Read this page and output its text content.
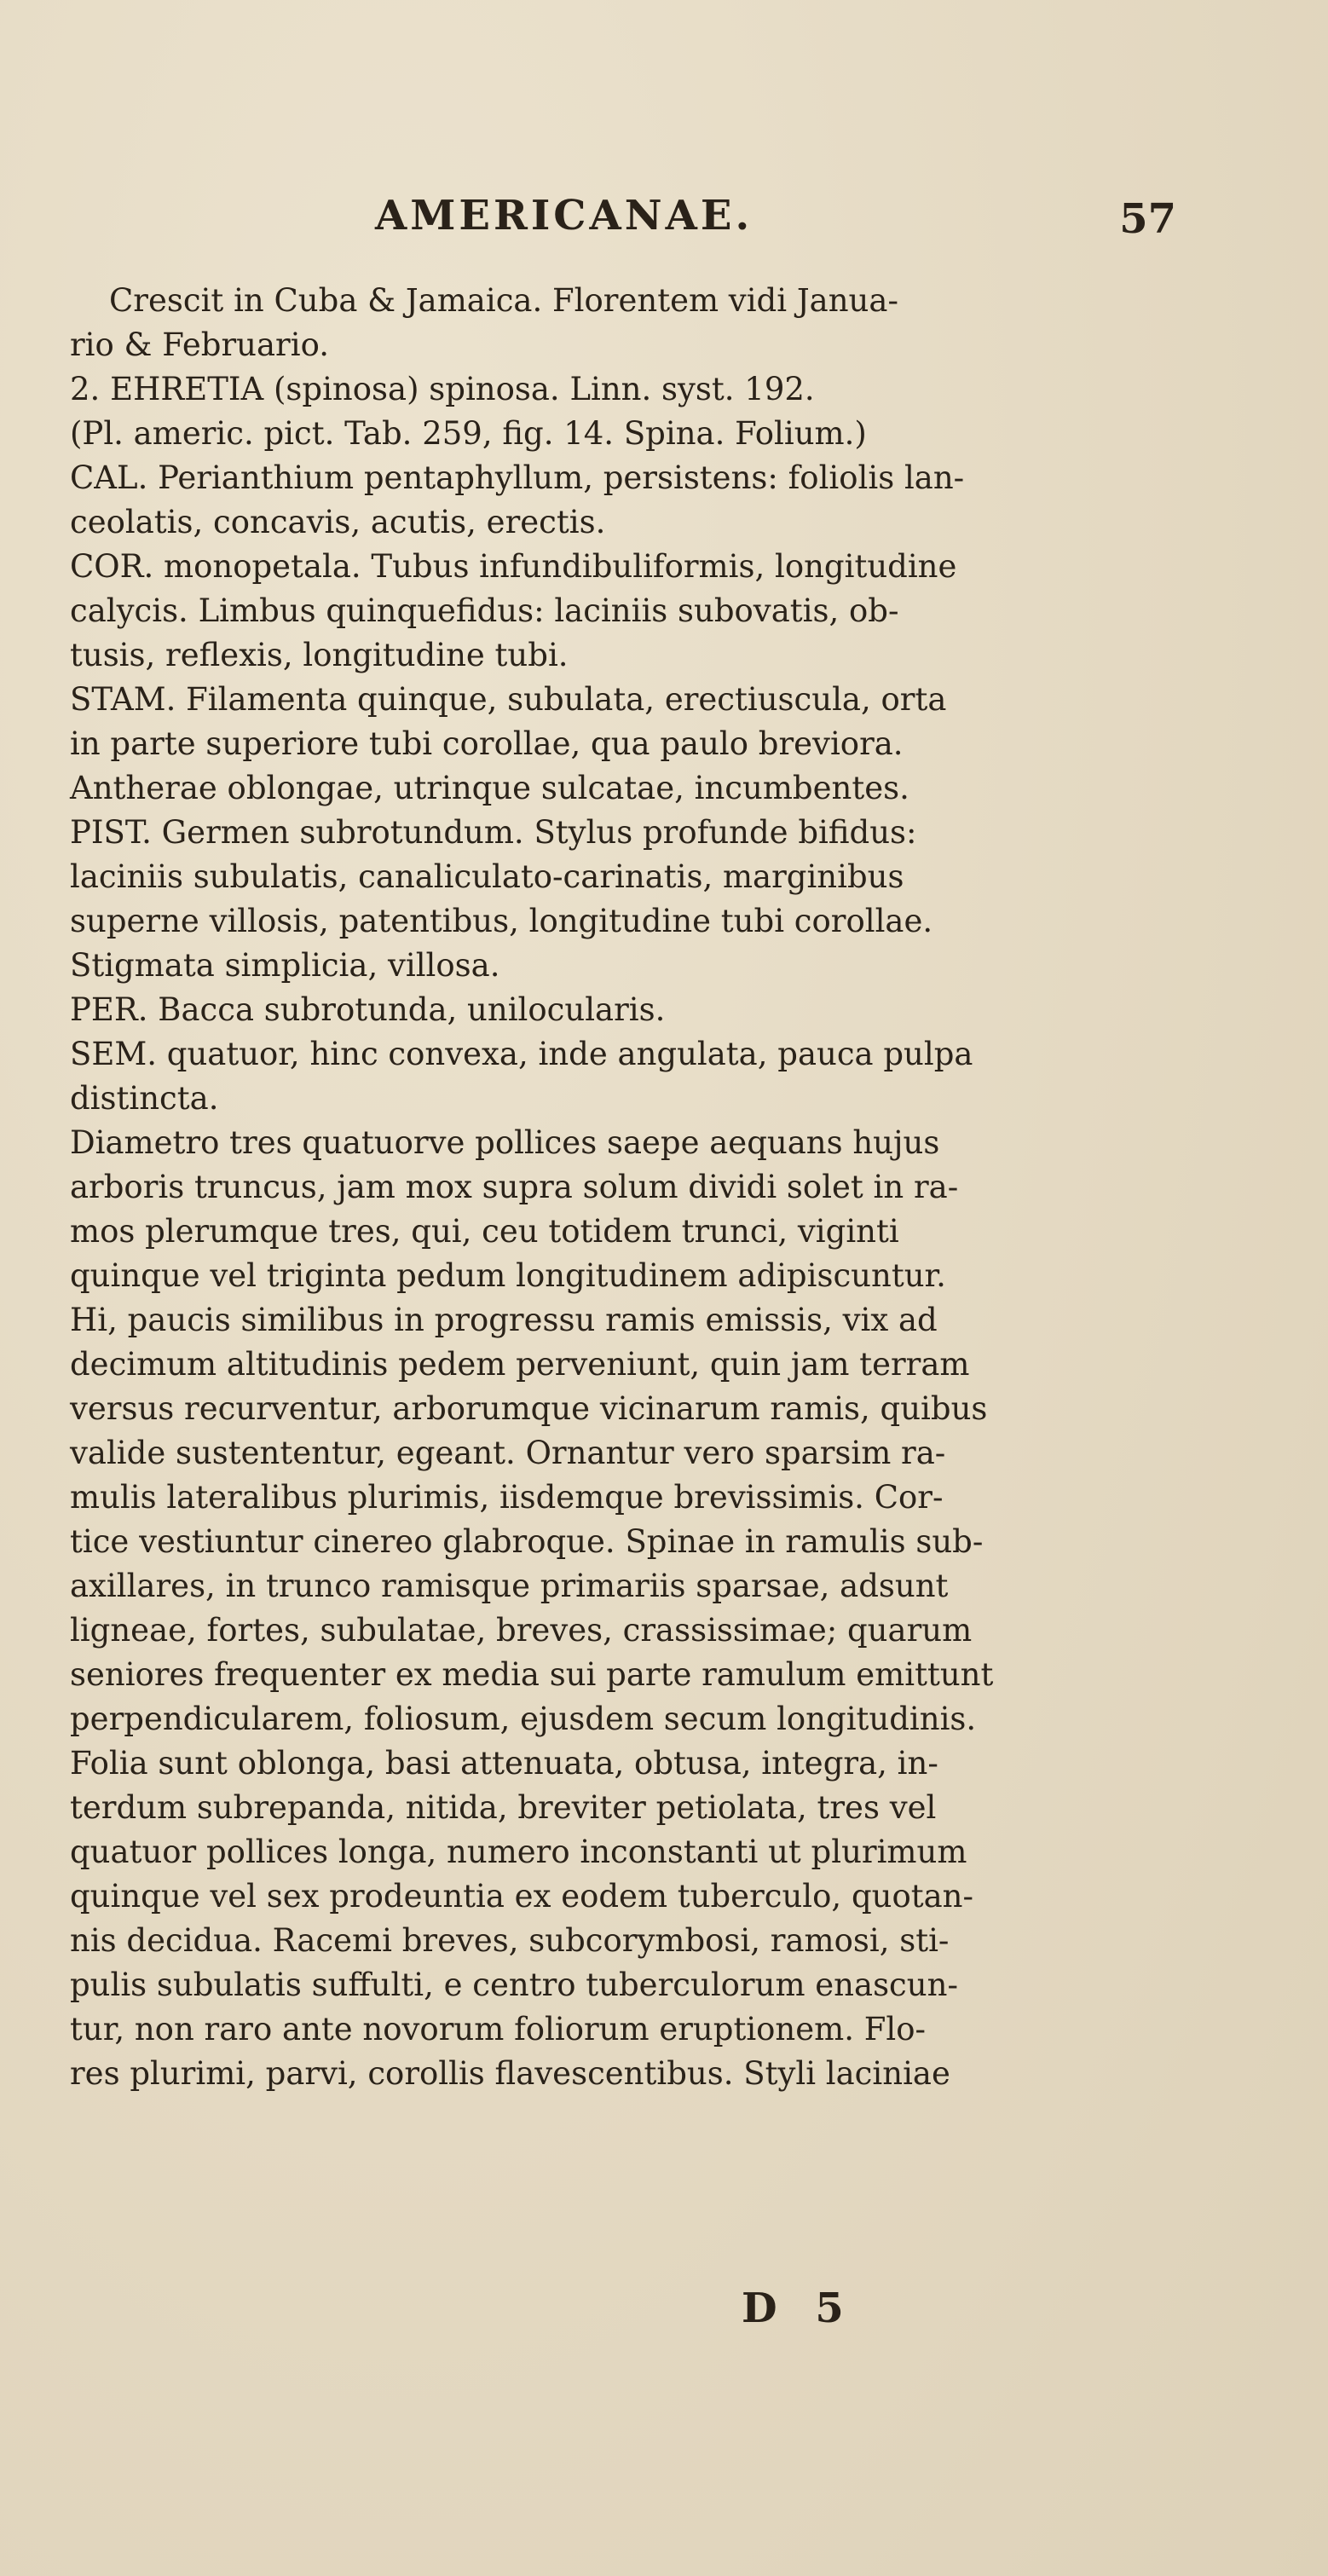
AMERICANAE.	57
Crescit in Cuba & Jamaica. Florentem vidi Janua-
rio & Februario.
2. EHRETIA (spinosa) spinosa. Linn. syst. 192.
(Pl. americ. pict. Tab. 259, fig. 14. Spina. Folium.)
CAL. Perianthium pentaphyllum, persistens: foliolis lan-
ceolatis, concavis, acutis, erectis.
COR. monopetala. Tubus infundibuliformis, longitudine
calycis. Limbus quinquefidus: laciniis subovatis, ob-
tusis, reflexis, longitudine tubi.
STAM. Filamenta quinque, subulata, erectiuscula, orta
in parte superiore tubi corollae, qua paulo breviora.
Antherae oblongae, utrinque sulcatae, incumbentes.
PIST. Germen subrotundum. Stylus profunde bifidus:
laciniis subulatis, canaliculato-carinatis, marginibus
superne villosis, patentibus, longitudine tubi corollae.
Stigmata simplicia, villosa.
PER. Bacca subrotunda, unilocularis.
SEM. quatuor, hinc convexa, inde angulata, pauca pulpa
distincta.
Diametro tres quatuorve pollices saepe aequans hujus
arboris truncus, jam mox supra solum dividi solet in ra-
mos plerumque tres, qui, ceu totidem trunci, viginti
quinque vel triginta pedum longitudinem adipiscuntur.
Hi, paucis similibus in progressu ramis emissis, vix ad
decimum altitudinis pedem perveniunt, quin jam terram
versus recurventur, arborumque vicinarum ramis, quibus
valide sustententur, egeant. Ornantur vero sparsim ra-
mulis lateralibus plurimis, iisdemque brevissimis. Cor-
tice vestiuntur cinereo glabroque. Spinae in ramulis sub-
axillares, in trunco ramisque primariis sparsae, adsunt
ligneae, fortes, subulatae, breves, crassissimae; quarum
seniores frequenter ex media sui parte ramulum emittunt
perpendicularem, foliosum, ejusdem secum longitudinis.
Folia sunt oblonga, basi attenuata, obtusa, integra, in-
terdum subrepanda, nitida, breviter petiolata, tres vel
quatuor pollices longa, numero inconstanti ut plurimum
quinque vel sex prodeuntia ex eodem tuberculo, quotan-
nis decidua. Racemi breves, subcorymbosi, ramosi, sti-
pulis subulatis suffulti, e centro tuberculorum enascun-
tur, non raro ante novorum foliorum eruptionem. Flo-
res plurimi, parvi, corollis flavescentibus. Styli laciniae
D 5
